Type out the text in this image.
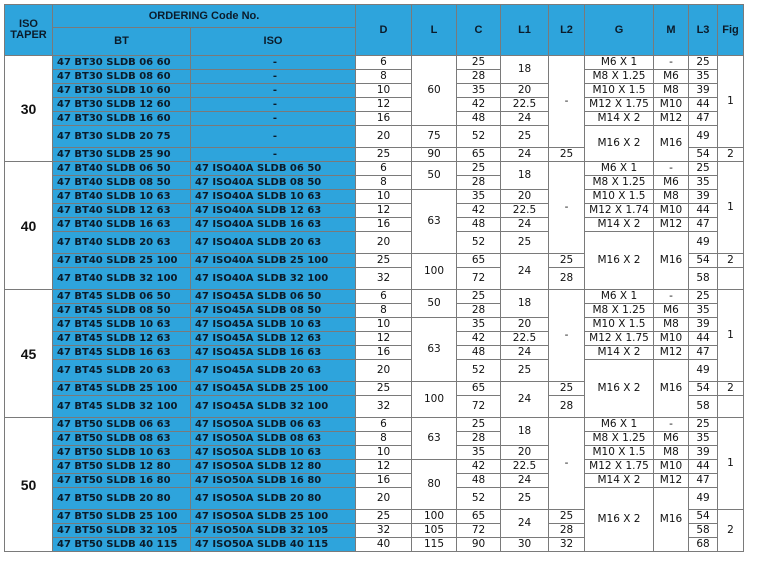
ISO
TAPER	ORDERING Code No.		D	L	C	L1	L2	G	M	L3	Fig
	BT	ISO									
30	47 BT30 SLDB 06 60	-	6	60	25	18	-	M6 X 1	-	25	1
	47 BT30 SLDB 08 60	-	8		28			M8 X 1.25	M6	35	
	47 BT30 SLDB 10 60	-	10		35	20		M10 X 1.5	M8	39	
	47 BT30 SLDB 12 60	-	12		42	22.5		M12 X 1.75	M10	44	
	47 BT30 SLDB 16 60	-	16		48	24		M14 X 2	M12	47	
	47 BT30 SLDB 20 75	-	20	75	52	25		M16 X 2	M16	49	
	47 BT30 SLDB 25 90	-	25	90	65	24	25			54	2
40	47 BT40 SLDB 06 50	47 ISO40A SLDB 06 50	6	50	25	18	-	M6 X 1	-	25	1
	47 BT40 SLDB 08 50	47 ISO40A SLDB 08 50	8		28			M8 X 1.25	M6	35	
	47 BT40 SLDB 10 63	47 ISO40A SLDB 10 63	10	63	35	20		M10 X 1.5	M8	39	
	47 BT40 SLDB 12 63	47 ISO40A SLDB 12 63	12		42	22.5		M12 X 1.74	M10	44	
	47 BT40 SLDB 16 63	47 ISO40A SLDB 16 63	16		48	24		M14 X 2	M12	47	
	47 BT40 SLDB 20 63	47 ISO40A SLDB 20 63	20		52	25		M16 X 2	M16	49	
	47 BT40 SLDB 25 100	47 ISO40A SLDB 25 100	25	100	65	24	25			54	2
	47 BT40 SLDB 32 100	47 ISO40A SLDB 32 100	32		72		28			58	
45	47 BT45 SLDB 06 50	47 ISO45A SLDB 06 50	6	50	25	18	-	M6 X 1	-	25	1
	47 BT45 SLDB 08 50	47 ISO45A SLDB 08 50	8		28			M8 X 1.25	M6	35	
	47 BT45 SLDB 10 63	47 ISO45A SLDB 10 63	10	63	35	20		M10 X 1.5	M8	39	
	47 BT45 SLDB 12 63	47 ISO45A SLDB 12 63	12		42	22.5		M12 X 1.75	M10	44	
	47 BT45 SLDB 16 63	47 ISO45A SLDB 16 63	16		48	24		M14 X 2	M12	47	
	47 BT45 SLDB 20 63	47 ISO45A SLDB 20 63	20		52	25		M16 X 2	M16	49	
	47 BT45 SLDB 25 100	47 ISO45A SLDB 25 100	25	100	65	24	25			54	2
	47 BT45 SLDB 32 100	47 ISO45A SLDB 32 100	32		72		28			58	
50	47 BT50 SLDB 06 63	47 ISO50A SLDB 06 63	6	63	25	18	-	M6 X 1	-	25	1
	47 BT50 SLDB 08 63	47 ISO50A SLDB 08 63	8		28			M8 X 1.25	M6	35	
	47 BT50 SLDB 10 63	47 ISO50A SLDB 10 63	10		35	20		M10 X 1.5	M8	39	
	47 BT50 SLDB 12 80	47 ISO50A SLDB 12 80	12	80	42	22.5		M12 X 1.75	M10	44	
	47 BT50 SLDB 16 80	47 ISO50A SLDB 16 80	16		48	24		M14 X 2	M12	47	
	47 BT50 SLDB 20 80	47 ISO50A SLDB 20 80	20		52	25		M16 X 2	M16	49	
	47 BT50 SLDB 25 100	47 ISO50A SLDB 25 100	25	100	65	24	25			54	2
	47 BT50 SLDB 32 105	47 ISO50A SLDB 32 105	32	105	72		28			58	
	47 BT50 SLDB 40 115	47 ISO50A SLDB 40 115	40	115	90	30	32			68	
